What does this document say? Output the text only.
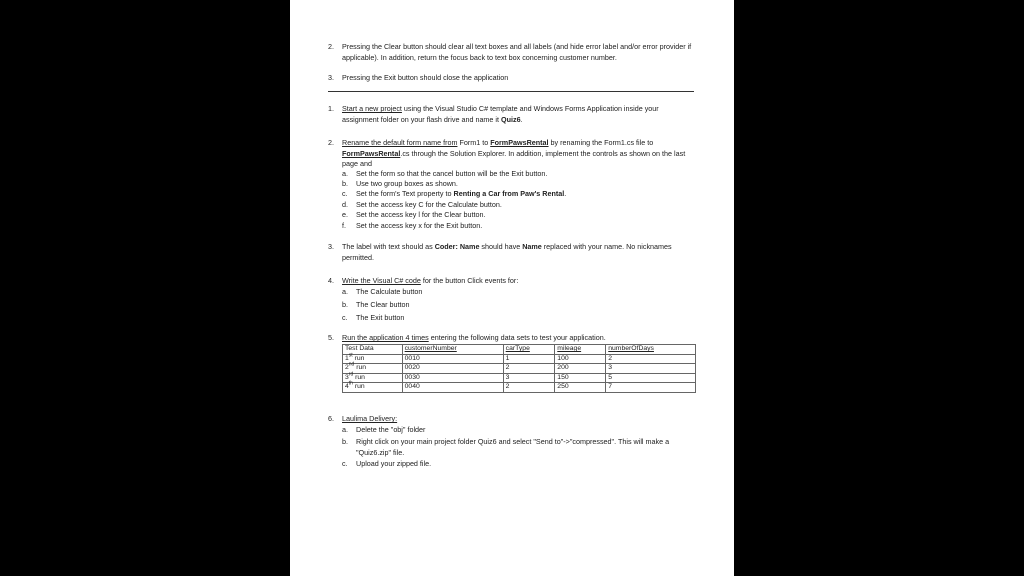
2. Pressing the Clear button should clear all text boxes and all labels (and hide error label and/or error provider if applicable). In addition, return the focus back to text box concerning customer number.
3. Pressing the Exit button should close the application
1. Start a new project using the Visual Studio C# template and Windows Forms Application inside your assignment folder on your flash drive and name it Quiz6.
2. Rename the default form name from Form1 to FormPawsRental by renaming the Form1.cs file to FormPawsRental.cs through the Solution Explorer. In addition, implement the controls as shown on the last page and
a. Set the form so that the cancel button will be the Exit button.
b. Use two group boxes as shown.
c. Set the form's Text property to Renting a Car from Paw's Rental.
d. Set the access key C for the Calculate button.
e. Set the access key l for the Clear button.
f. Set the access key x for the Exit button.
3. The label with text should as Coder: Name should have Name replaced with your name. No nicknames permitted.
4. Write the Visual C# code for the button Click events for:
a. The Calculate button
b. The Clear button
c. The Exit button
5. Run the application 4 times entering the following data sets to test your application.
Test Data	customerNumber	carType	mileage	numberOfDays
1st run	0010	1	100	2
2nd run	0020	2	200	3
3rd run	0030	3	150	5
4th run	0040	2	250	7
6. Laulima Delivery:
a. Delete the "obj" folder
b. Right click on your main project folder Quiz6 and select "Send to"->"compressed". This will make a "Quiz6.zip" file.
c. Upload your zipped file.
